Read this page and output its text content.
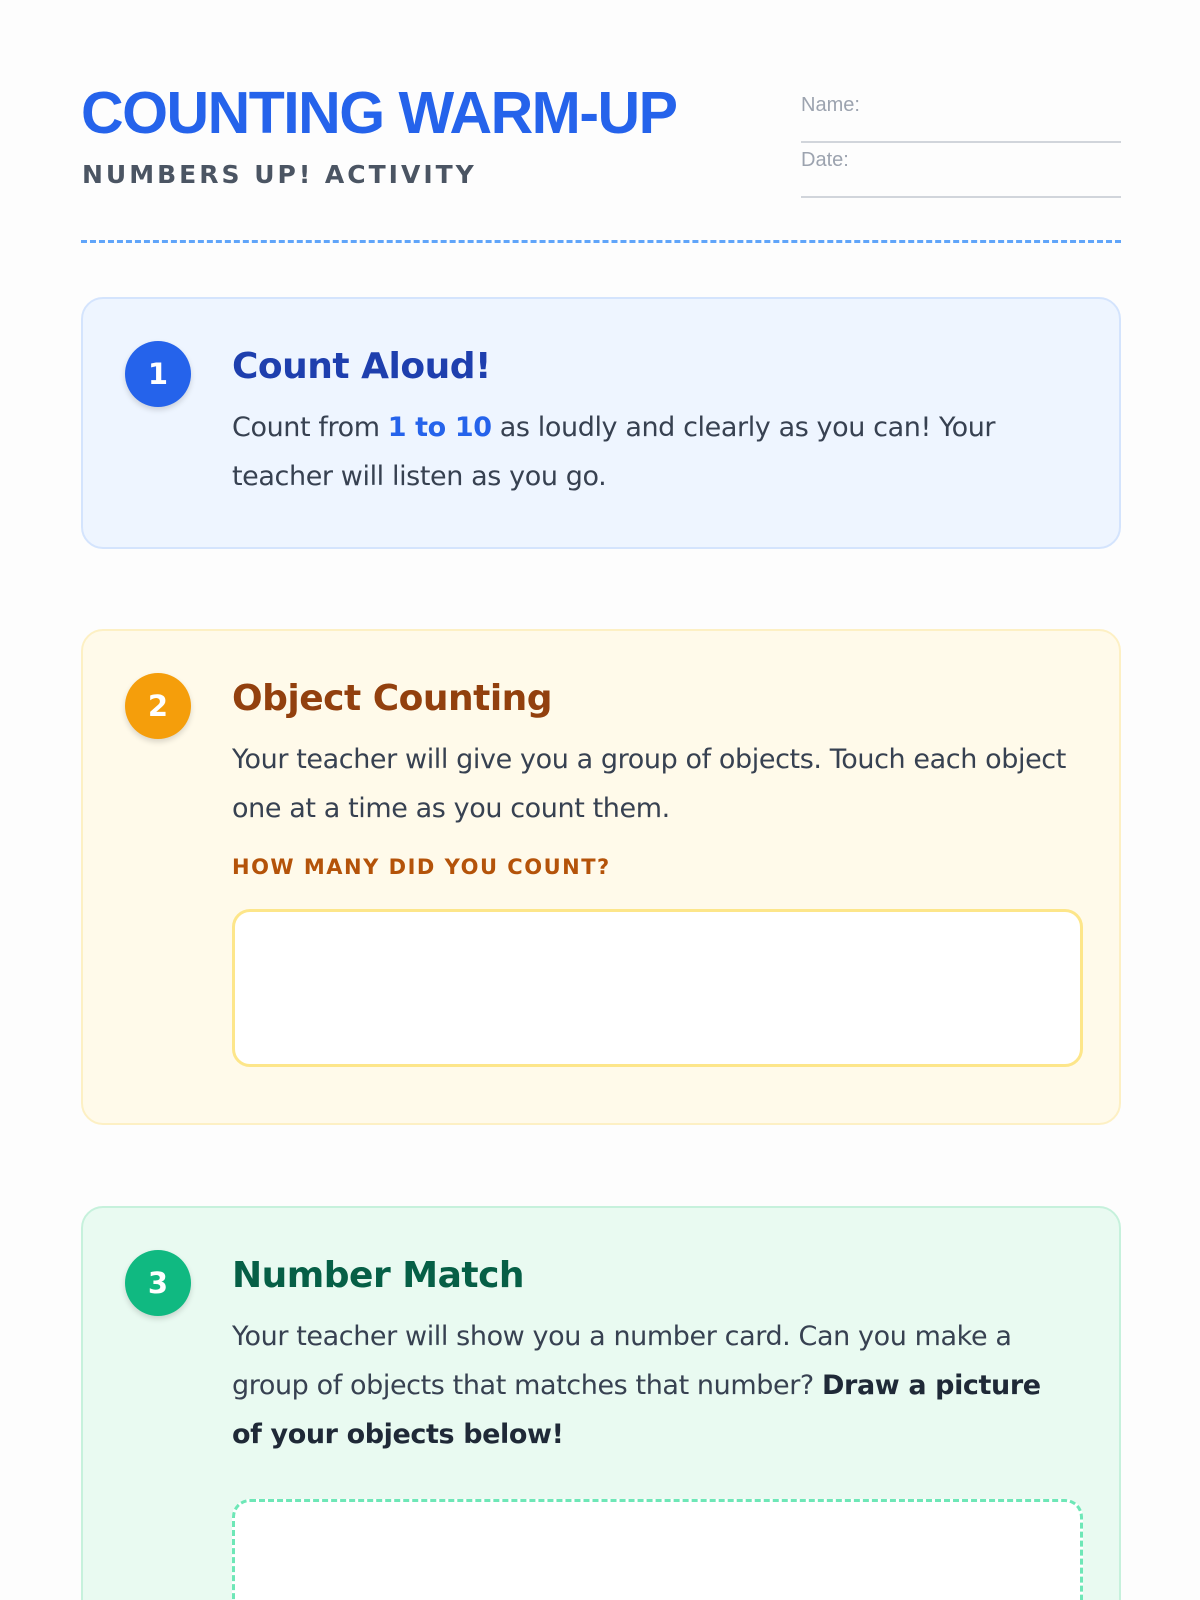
COUNTING WARM-UP
NUMBERS UP! ACTIVITY
Name:
Date:
1	Count Aloud!

Count from 1 to 10 as loudly and clearly as you can! Your teacher will listen as you go.

2	Object Counting

Your teacher will give you a group of objects. Touch each object one at a time as you count them.

HOW MANY DID YOU COUNT?
3	Number Match

Your teacher will show you a number card. Can you make a group of objects that matches that number? Draw a picture of your objects below!
